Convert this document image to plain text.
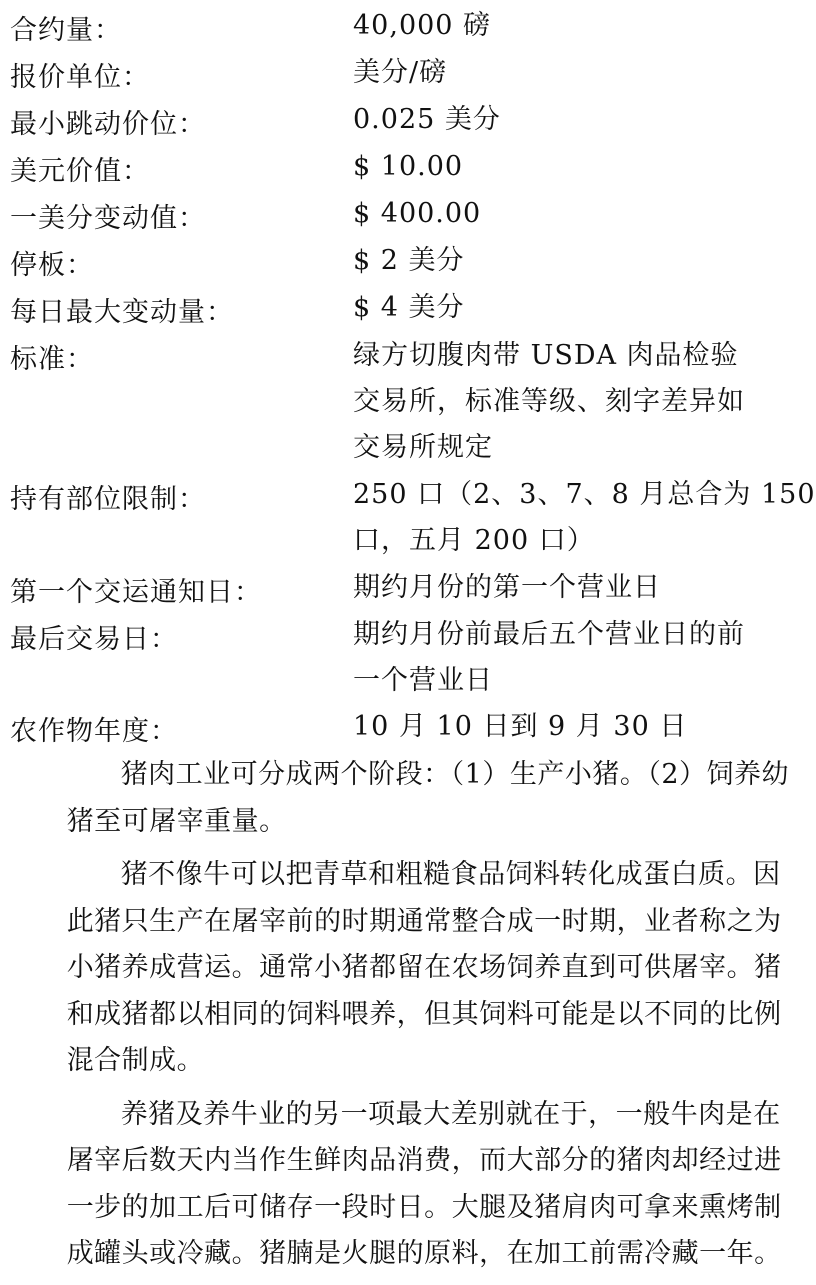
合约量：	40,000 磅
报价单位：	美分/磅
最小跳动价位：	0.025 美分
美元价值：	$ 10.00
一美分变动值：	$ 400.00
停板：	$ 2 美分
每日最大变动量：	$ 4 美分
标准：	绿方切腹肉带 USDA 肉品检验
交易所，标准等级、刻字差异如
交易所规定
持有部位限制：	250 口（2、3、7、8 月总合为 150
口，五月 200 口）
第一个交运通知日：	期约月份的第一个营业日
最后交易日：	期约月份前最后五个营业日的前
一个营业日
农作物年度：	10 月 10 日到 9 月 30 日
猪肉工业可分成两个阶段：（1）生产小猪。（2）饲养幼
猪至可屠宰重量。
猪不像牛可以把青草和粗糙食品饲料转化成蛋白质。因
此猪只生产在屠宰前的时期通常整合成一时期，业者称之为
小猪养成营运。通常小猪都留在农场饲养直到可供屠宰。猪
和成猪都以相同的饲料喂养，但其饲料可能是以不同的比例
混合制成。
养猪及养牛业的另一项最大差别就在于，一般牛肉是在
屠宰后数天内当作生鲜肉品消费，而大部分的猪肉却经过进
一步的加工后可储存一段时日。大腿及猪肩肉可拿来熏烤制
成罐头或冷藏。猪腩是火腿的原料，在加工前需冷藏一年。
